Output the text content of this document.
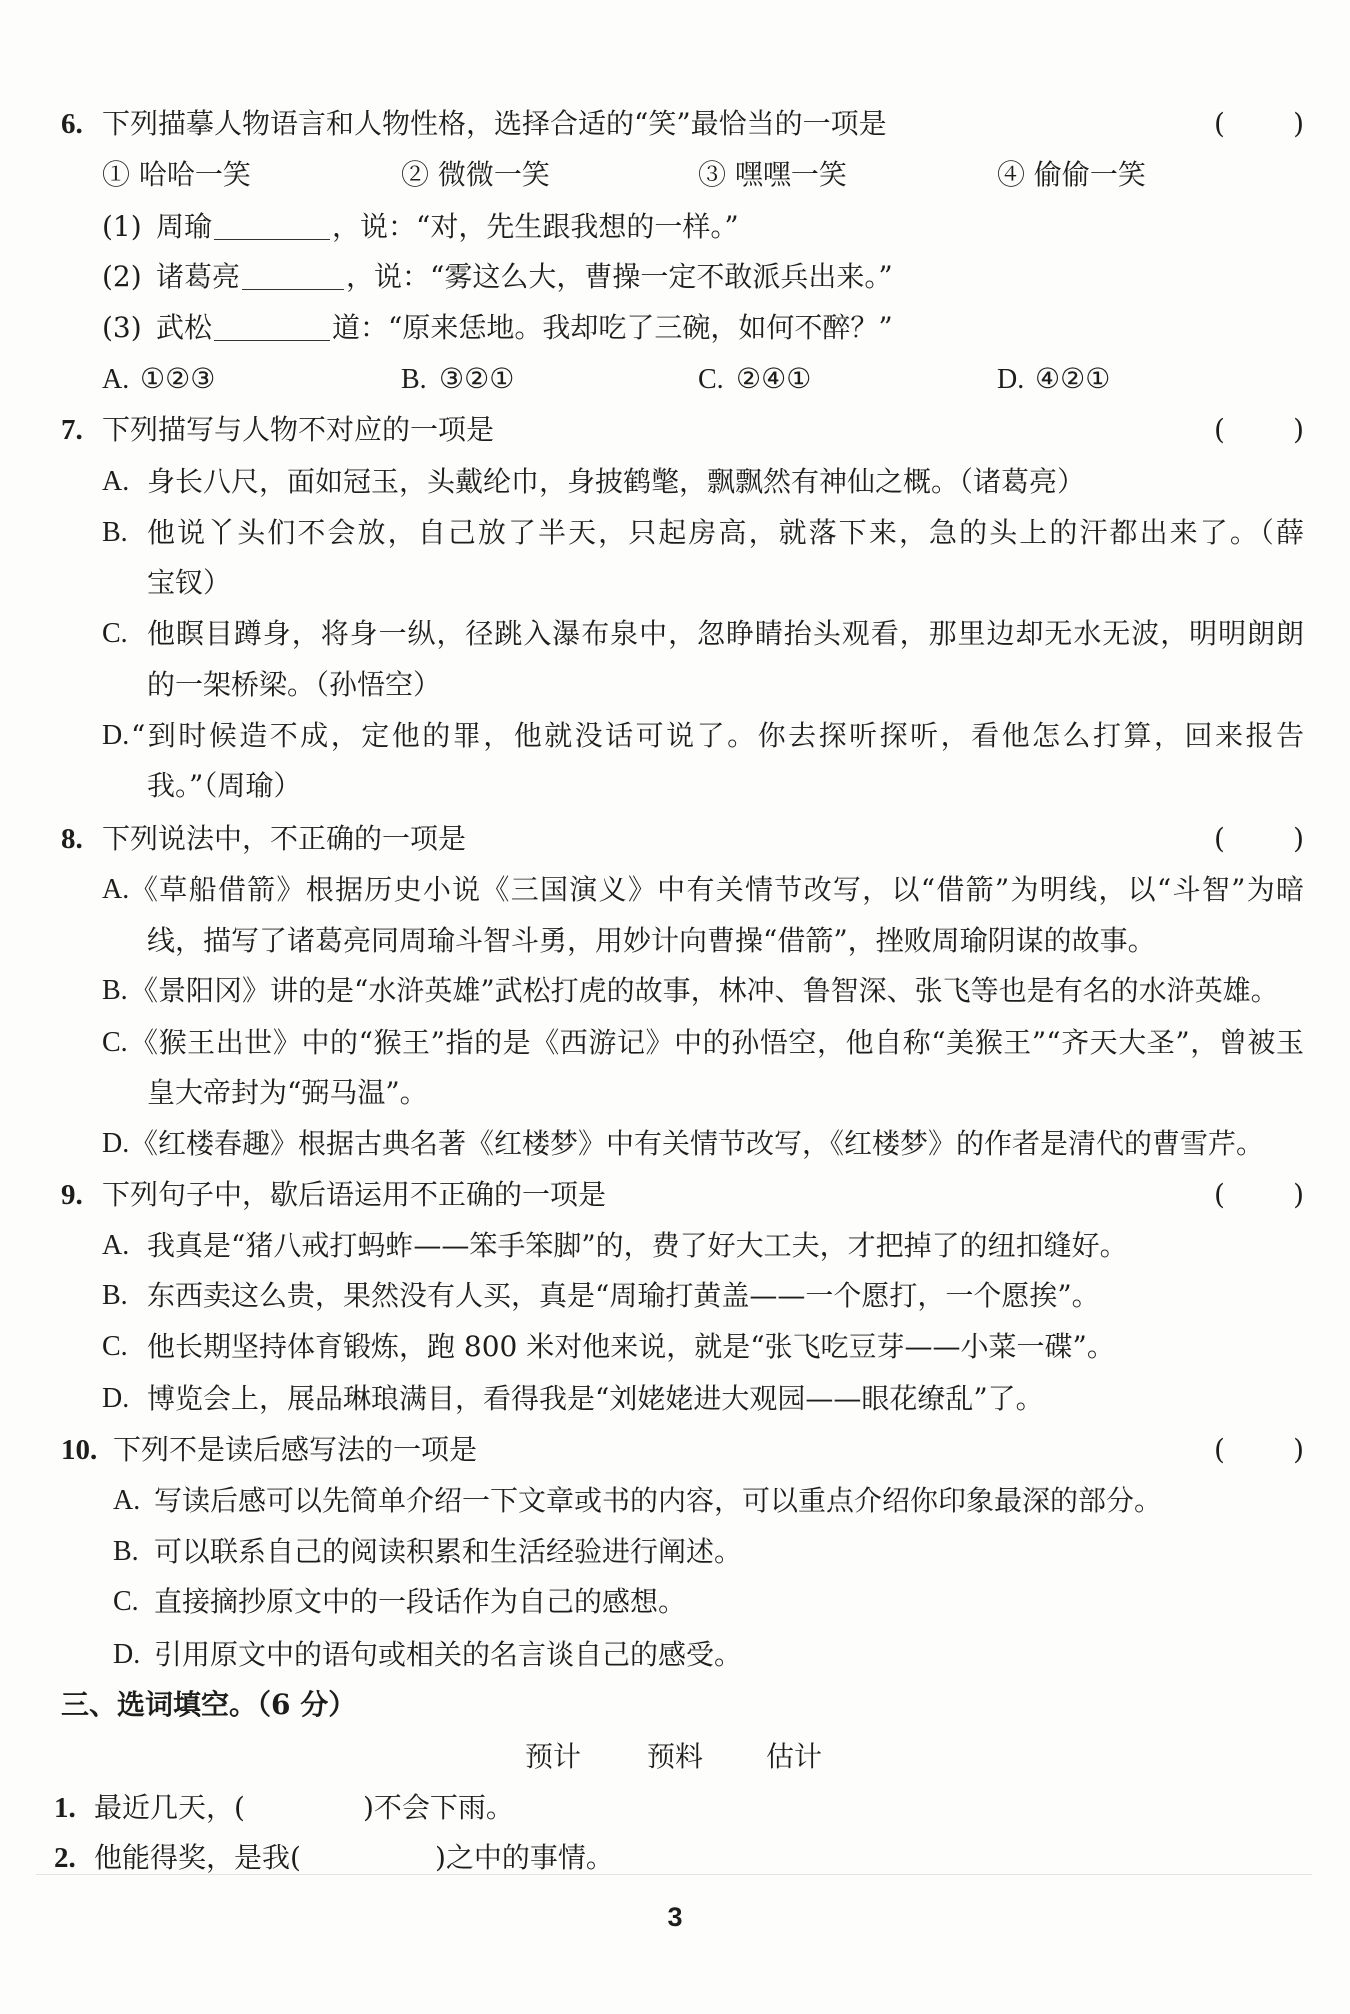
6. 下列描摹人物语言和人物性格，选择合适的“笑”最恰当的一项是	( )
① 哈哈一笑	② 微微一笑	③ 嘿嘿一笑	④ 偷偷一笑
(1) 周瑜	，说：“对，先生跟我想的一样。”
(2) 诸葛亮	，说：“雾这么大，曹操一定不敢派兵出来。”
(3) 武松	道：“原来恁地。我却吃了三碗，如何不醉？”
A. ①②③	B. ③②①	C. ②④①	D. ④②①
7. 下列描写与人物不对应的一项是	( )
A. 身长八尺，面如冠玉，头戴纶巾，身披鹤氅，飘飘然有神仙之概。（诸葛亮）
B. 他说丫头们不会放，自己放了半天，只起房高，就落下来，急的头上的汗都出来了。（薛
宝钗）
C. 他瞑目蹲身，将身一纵，径跳入瀑布泉中，忽睁睛抬头观看，那里边却无水无波，明明朗朗
的一架桥梁。（孙悟空）
D. “到时候造不成，定他的罪，他就没话可说了。你去探听探听，看他怎么打算，回来报告
我。”（周瑜）
8. 下列说法中，不正确的一项是	( )
A. 《草船借箭》根据历史小说《三国演义》中有关情节改写，以“借箭”为明线，以“斗智”为暗
线，描写了诸葛亮同周瑜斗智斗勇，用妙计向曹操“借箭”，挫败周瑜阴谋的故事。
B. 《景阳冈》讲的是“水浒英雄”武松打虎的故事，林冲、鲁智深、张飞等也是有名的水浒英雄。
C. 《猴王出世》中的“猴王”指的是《西游记》中的孙悟空，他自称“美猴王”“齐天大圣”，曾被玉
皇大帝封为“弼马温”。
D. 《红楼春趣》根据古典名著《红楼梦》中有关情节改写，《红楼梦》的作者是清代的曹雪芹。
9. 下列句子中，歇后语运用不正确的一项是	( )
A. 我真是“猪八戒打蚂蚱——笨手笨脚”的，费了好大工夫，才把掉了的纽扣缝好。
B. 东西卖这么贵，果然没有人买，真是“周瑜打黄盖——一个愿打，一个愿挨”。
C. 他长期坚持体育锻炼，跑 800 米对他来说，就是“张飞吃豆芽——小菜一碟”。
D. 博览会上，展品琳琅满目，看得我是“刘姥姥进大观园——眼花缭乱”了。
10. 下列不是读后感写法的一项是	( )
A. 写读后感可以先简单介绍一下文章或书的内容，可以重点介绍你印象最深的部分。
B. 可以联系自己的阅读积累和生活经验进行阐述。
C. 直接摘抄原文中的一段话作为自己的感想。
D. 引用原文中的语句或相关的名言谈自己的感受。
三、选词填空。（6 分）
预计 预料 估计
1. 最近几天，(	)不会下雨。
2. 他能得奖，是我(	)之中的事情。
3
